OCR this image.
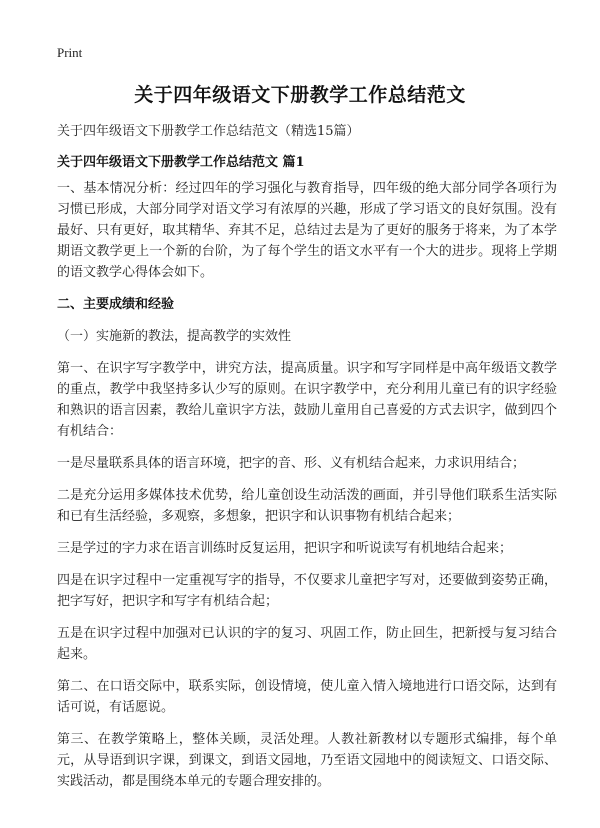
Print
关于四年级语文下册教学工作总结范文
关于四年级语文下册教学工作总结范文（精选15篇）
关于四年级语文下册教学工作总结范文 篇1

一、基本情况分析：经过四年的学习强化与教育指导，四年级的绝大部分同学各项行为习惯已形成，大部分同学对语文学习有浓厚的兴趣，形成了学习语文的良好氛围。没有最好、只有更好，取其精华、弃其不足，总结过去是为了更好的服务于将来，为了本学期语文教学更上一个新的台阶，为了每个学生的语文水平有一个大的进步。现将上学期的语文教学心得体会如下。

二、主要成绩和经验

（一）实施新的教法，提高教学的实效性

第一、在识字写字教学中，讲究方法，提高质量。识字和写字同样是中高年级语文教学的重点，教学中我坚持多认少写的原则。在识字教学中，充分利用儿童已有的识字经验和熟识的语言因素，教给儿童识字方法，鼓励儿童用自己喜爱的方式去识字，做到四个有机结合：

一是尽量联系具体的语言环境，把字的音、形、义有机结合起来，力求识用结合；

二是充分运用多媒体技术优势，给儿童创设生动活泼的画面，并引导他们联系生活实际和已有生活经验，多观察，多想象，把识字和认识事物有机结合起来；

三是学过的字力求在语言训练时反复运用，把识字和听说读写有机地结合起来；

四是在识字过程中一定重视写字的指导，不仅要求儿童把字写对，还要做到姿势正确，把字写好，把识字和写字有机结合起；

五是在识字过程中加强对已认识的字的复习、巩固工作，防止回生，把新授与复习结合起来。

第二、在口语交际中，联系实际，创设情境，使儿童入情入境地进行口语交际，达到有话可说，有话愿说。

第三、在教学策略上，整体关顾，灵活处理。人教社新教材以专题形式编排，每个单元，从导语到识字课，到课文，到语文园地，乃至语文园地中的阅读短文、口语交际、实践活动，都是围绕本单元的专题合理安排的。
